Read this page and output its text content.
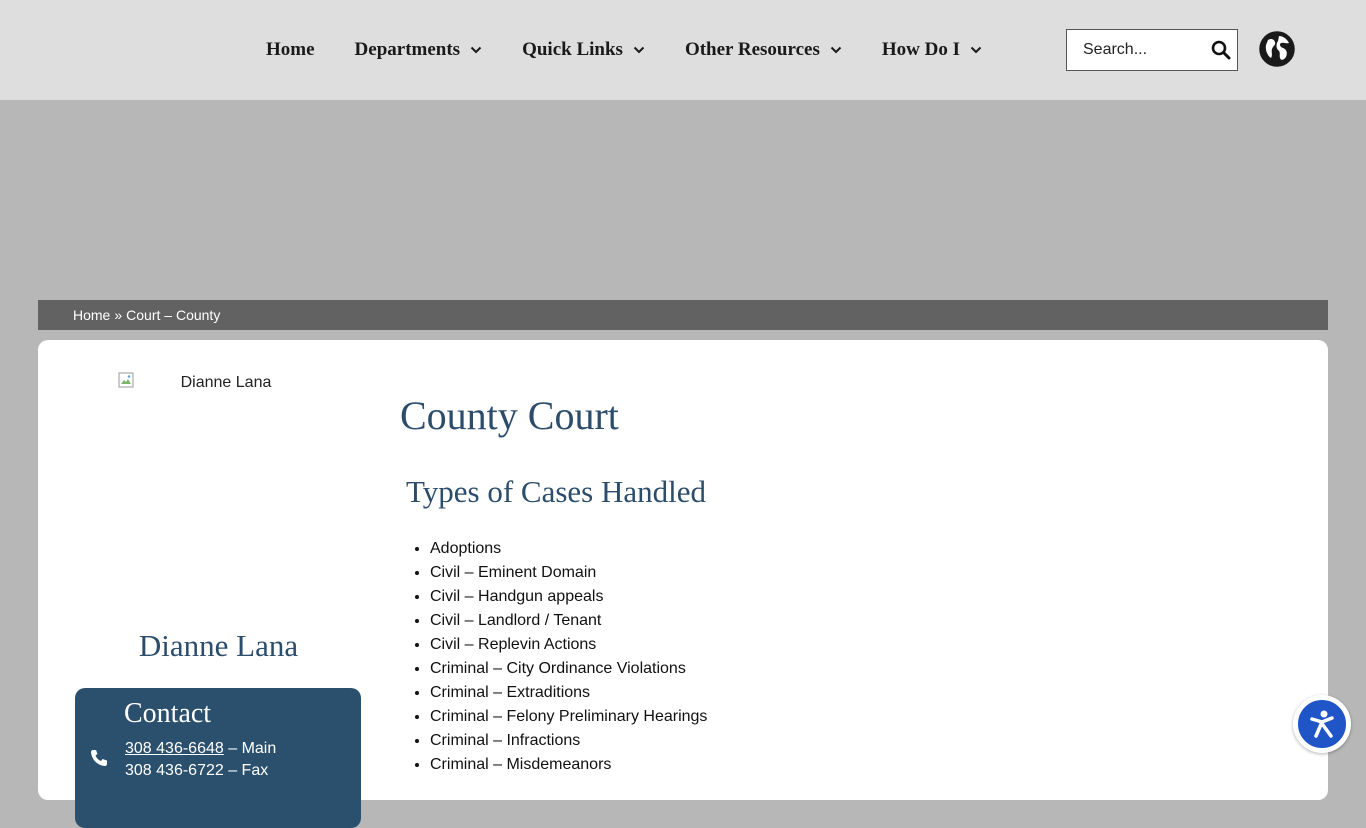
Home Departments	Quick Links	Other Resources	How Do I
Search...
Home » Court – County
Dianne Lana
Dianne Lana
Contact
308 436-6648 – Main
308 436-6722 – Fax
County Court
Types of Cases Handled
• Adoptions
• Civil – Eminent Domain
• Civil – Handgun appeals
• Civil – Landlord / Tenant
• Civil – Replevin Actions
• Criminal – City Ordinance Violations
• Criminal – Extraditions
• Criminal – Felony Preliminary Hearings
• Criminal – Infractions
• Criminal – Misdemeanors
